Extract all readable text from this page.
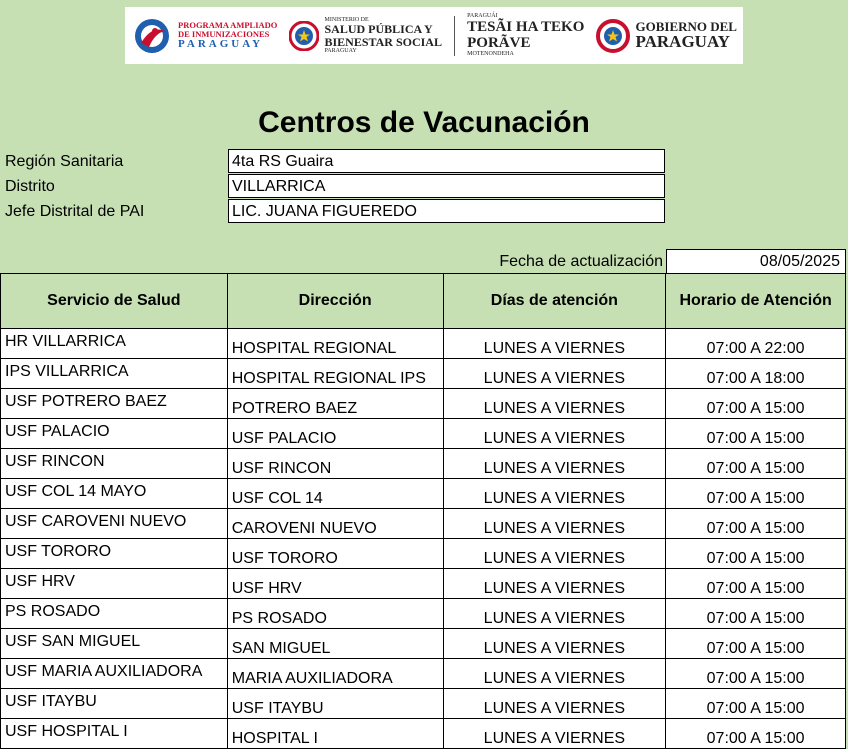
PROGRAMA AMPLIADO
DE INMUNIZACIONES
PARAGUAY
MINISTERIO DE
SALUD PÚBLICA Y
BIENESTAR SOCIAL
PARAGUAY
PARAGUÁI
TESÃI HA TEKO
PORÃVE
MOTENONDEHA
GOBIERNO DEL
PARAGUAY
Centros de Vacunación
Región Sanitaria	4ta RS Guaira
Distrito	VILLARRICA
Jefe Distrital de PAI	LIC. JUANA FIGUEREDO
Fecha de actualización	08/05/2025
Servicio de Salud	Dirección	Días de atención	Horario de Atención
HR VILLARRICA	HOSPITAL REGIONAL	LUNES A VIERNES	07:00 A 22:00
IPS VILLARRICA	HOSPITAL REGIONAL IPS	LUNES A VIERNES	07:00 A 18:00
USF POTRERO BAEZ	POTRERO BAEZ	LUNES A VIERNES	07:00 A 15:00
USF PALACIO	USF PALACIO	LUNES A VIERNES	07:00 A 15:00
USF RINCON	USF RINCON	LUNES A VIERNES	07:00 A 15:00
USF COL 14 MAYO	USF COL 14	LUNES A VIERNES	07:00 A 15:00
USF CAROVENI NUEVO	CAROVENI NUEVO	LUNES A VIERNES	07:00 A 15:00
USF TORORO	USF TORORO	LUNES A VIERNES	07:00 A 15:00
USF HRV	USF HRV	LUNES A VIERNES	07:00 A 15:00
PS ROSADO	PS ROSADO	LUNES A VIERNES	07:00 A 15:00
USF SAN MIGUEL	SAN MIGUEL	LUNES A VIERNES	07:00 A 15:00
USF MARIA AUXILIADORA	MARIA AUXILIADORA	LUNES A VIERNES	07:00 A 15:00
USF ITAYBU	USF ITAYBU	LUNES A VIERNES	07:00 A 15:00
USF HOSPITAL I	HOSPITAL I	LUNES A VIERNES	07:00 A 15:00
